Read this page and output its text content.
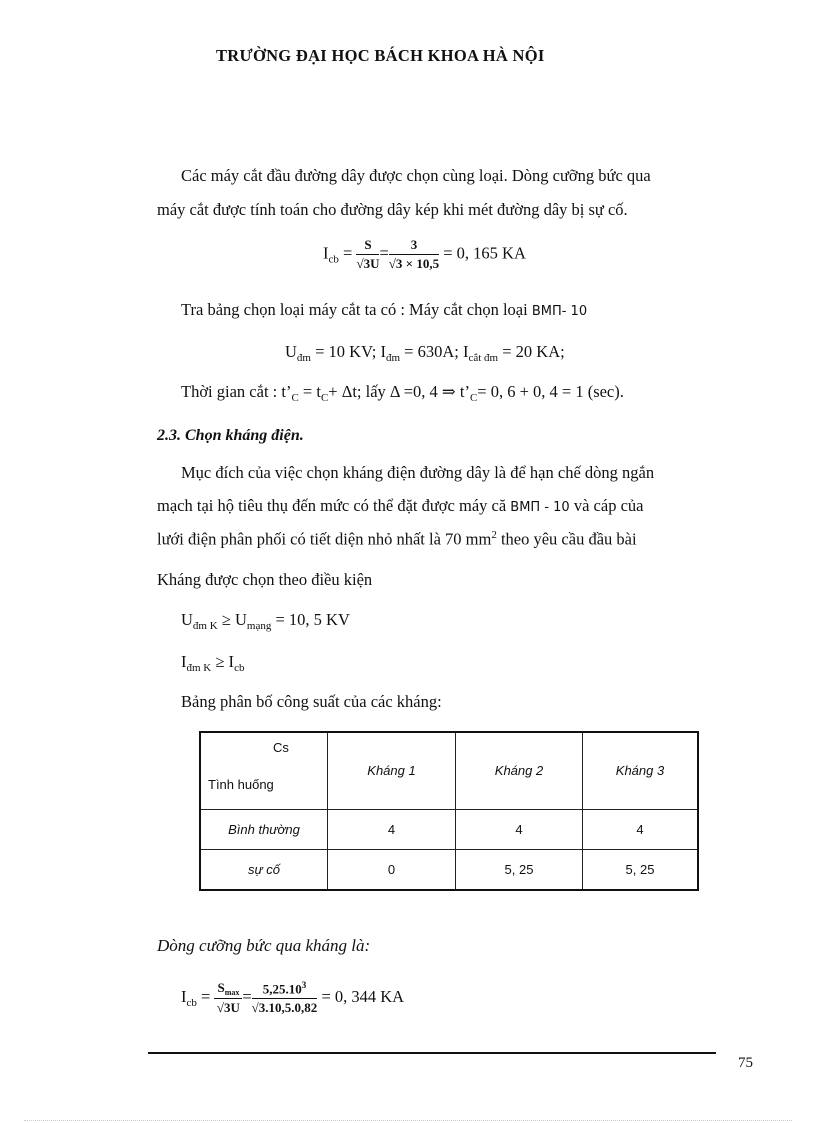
TRƯỜNG ĐẠI HỌC BÁCH KHOA HÀ NỘI
Các máy cắt đầu đường dây được chọn cùng loại. Dòng cưỡng bức qua
máy cắt được tính toán cho đường dây kép khi mét đường dây bị sự cố.
$I_{cb} = \frac{S}{√3U} = \frac{3}{√3 \times 10,5} = 0$, 165 KA
Tra bảng chọn loại máy cắt ta có : Máy cắt chọn loại ВМП- 10
$U_{đm} = 10$ KV; $I_{đm} = 630A$; $I_{cắt đm} = 20$ KA;
Thời gian cắt : $t’_C = t_C+ \Delta t$; lấy Δ =0, 4 ⇒ $t’_C= 0$, 6 + 0, 4 = 1 (sec).
2.3. Chọn kháng điện.
Mục đích của việc chọn kháng điện đường dây là để hạn chế dòng ngắn
mạch tại hộ tiêu thụ đến mức có thể đặt được máy că ВМП - 10 và cáp của
lưới điện phân phối có tiết diện nhỏ nhất là 70 $mm^2$ theo yêu cầu đầu bài
Kháng được chọn theo điều kiện
$U_{đm K} \ge U_{mạng} = 10$, 5 KV
$I_{đm K} \ge I_{cb}$
Bảng phân bố công suất của các kháng:
Cs
Tình huống	Kháng 1	Kháng 2	Kháng 3
Bình thường	4	4	4
sự cố	0	5, 25	5, 25
Dòng cưỡng bức qua kháng là:
$I_{cb} = \frac{S_{max}}{√3U} = \frac{5,25.10^3}{√3.10,5.0,82} = 0$, 344 KA
75
